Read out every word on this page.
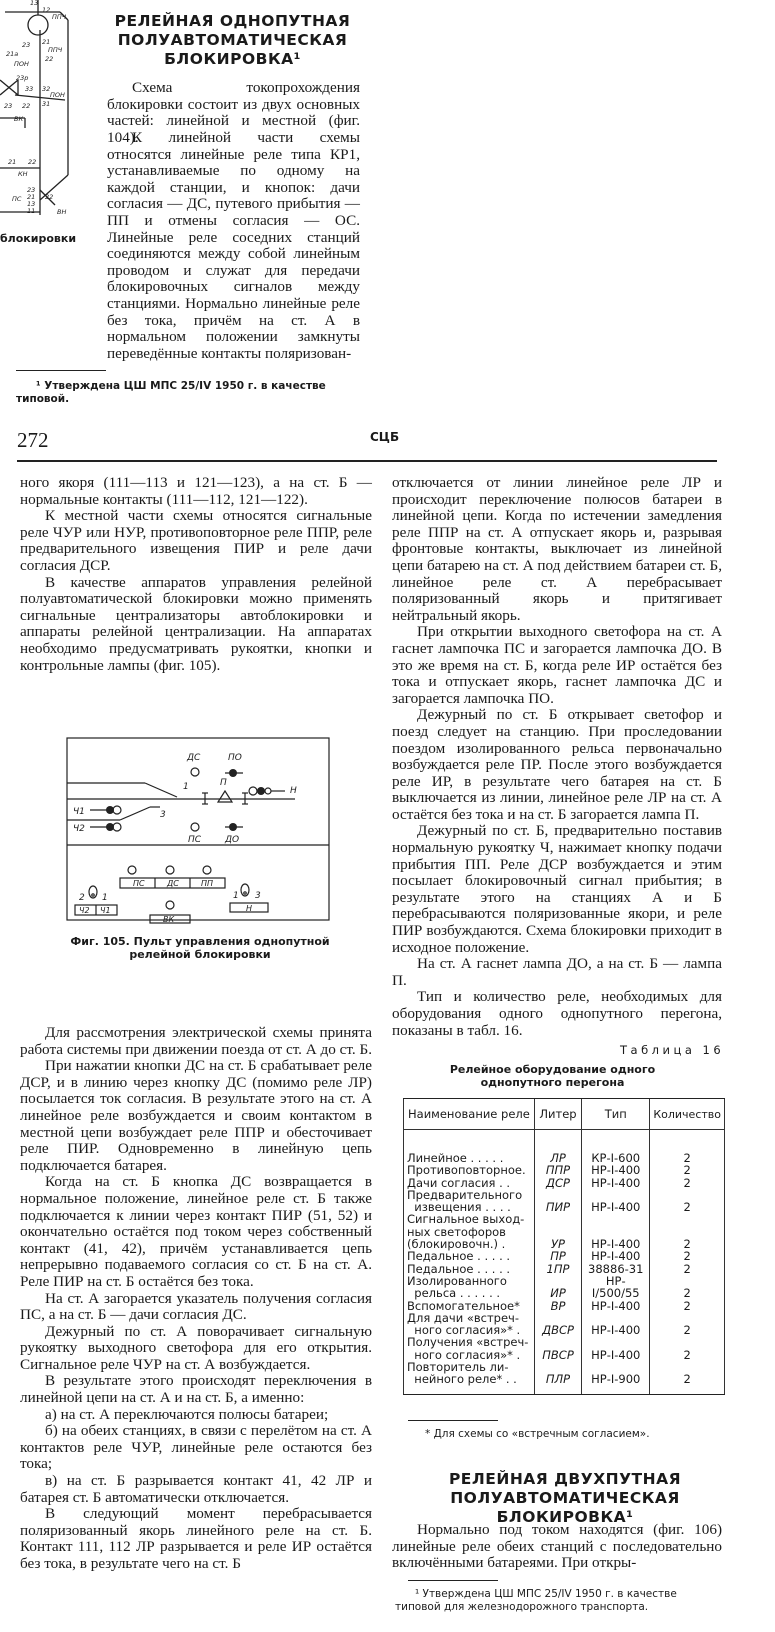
13
12
ППЧ
23 21
ППЧ
22
21а
ПОН
23р
33 32
ПОН
31
23 22
ВК
21 22
КН
23
ПС 21 22
13
11	ВН
блокировки

РЕЛЕЙНАЯ ОДНОПУТНАЯ

ПОЛУАВТОМАТИЧЕСКАЯ

БЛОКИРОВКА¹

Схема токопрохождения блокировки состоит из двух основных частей: линейной и местной (фиг. 104).

К линейной части схемы относятся линейные реле типа КР1, устанавливаемые по одному на каждой станции, и кнопок: дачи согласия — ДС, путевого прибытия — ПП и отмены согласия — ОС. Линейные реле соседних станций соединяются между собой линейным проводом и служат для передачи блокировочных сигналов между станциями. Нормально линейные реле без тока, причём на ст. А в нормальном положении замкнуты переведённые контакты поляризован-

¹ Утверждена ЦШ МПС 25/IV 1950 г. в качестве типовой.

272	СЦБ

ного якоря (111—113 и 121—123), а на ст. Б — нормальные контакты (111—112, 121—122).

К местной части схемы относятся сигнальные реле ЧУР или НУР, противоповторное реле ППР, реле предварительного извещения ПИР и реле дачи согласия ДСР.

В качестве аппаратов управления релейной полуавтоматической блокировки можно применять сигнальные централизаторы автоблокировки и аппараты релейной централизации. На аппаратах необходимо предусматривать рукоятки, кнопки и контрольные лампы (фиг. 105).

ДС	ПО
1	П
Н
Ч1	3
Ч2
ПС	ДО
ПС	ДС	ПП
2 1	1 3
Ч2 Ч1	Н
ВК
Фиг. 105. Пульт управления однопутной релейной блокировки

Для рассмотрения электрической схемы принята работа системы при движении поезда от ст. А до ст. Б.

При нажатии кнопки ДС на ст. Б срабатывает реле ДСР, и в линию через кнопку ДС (помимо реле ЛР) посылается ток согласия. В результате этого на ст. А линейное реле возбуждается и своим контактом в местной цепи возбуждает реле ППР и обесточивает реле ПИР. Одновременно в линейную цепь подключается батарея.

Когда на ст. Б кнопка ДС возвращается в нормальное положение, линейное реле ст. Б также подключается к линии через контакт ПИР (51, 52) и окончательно остаётся под током через собственный контакт (41, 42), причём устанавливается цепь непрерывно подаваемого согласия со ст. Б на ст. А. Реле ПИР на ст. Б остаётся без тока.

На ст. А загорается указатель получения согласия ПС, а на ст. Б — дачи согласия ДС.

Дежурный по ст. А поворачивает сигнальную рукоятку выходного светофора для его открытия. Сигнальное реле ЧУР на ст. А возбуждается.

В результате этого происходят переключения в линейной цепи на ст. А и на ст. Б, а именно:

а) на ст. А переключаются полюсы батареи;

б) на обеих станциях, в связи с перелётом на ст. А контактов реле ЧУР, линейные реле остаются без тока;

в) на ст. Б разрывается контакт 41, 42 ЛР и батарея ст. Б автоматически отключается.

В следующий момент перебрасывается поляризованный якорь линейного реле на ст. Б. Контакт 111, 112 ЛР разрывается и реле ИР остаётся без тока, в результате чего на ст. Б

отключается от линии линейное реле ЛР и происходит переключение полюсов батареи в линейной цепи. Когда по истечении замедления реле ППР на ст. А отпускает якорь и, разрывая фронтовые контакты, выключает из линейной цепи батарею на ст. А под действием батареи ст. Б, линейное реле ст. А перебрасывает поляризованный якорь и притягивает нейтральный якорь.

При открытии выходного светофора на ст. А гаснет лампочка ПС и загорается лампочка ДО. В это же время на ст. Б, когда реле ИР остаётся без тока и отпускает якорь, гаснет лампочка ДС и загорается лампочка ПО.

Дежурный по ст. Б открывает светофор и поезд следует на станцию. При проследовании поездом изолированного рельса первоначально возбуждается реле ПР. После этого возбуждается реле ИР, в результате чего батарея на ст. Б выключается из линии, линейное реле ЛР на ст. А остаётся без тока и на ст. Б загорается лампа П.

Дежурный по ст. Б, предварительно поставив нормальную рукоятку Ч, нажимает кнопку подачи прибытия ПП. Реле ДСР возбуждается и этим посылает блокировочный сигнал прибытия; в результате этого на станциях А и Б перебрасываются поляризованные якори, и реле ПИР возбуждаются. Схема блокировки приходит в исходное положение.

На ст. А гаснет лампа ДО, а на ст. Б — лампа П.

Тип и количество реле, необходимых для оборудования одного однопутного перегона, показаны в табл. 16.

Таблица 16
Релейное оборудование одного однопутного перегона
Наименование реле	Литер	Тип	Количество

Линейное . . . . .	ЛР	КР-I-600	2

Противоповторное.	ППР	НР-I-400	2

Дачи согласия . .	ДСР	НР-I-400	2

Предварительного
извещения . . . .	ПИР	НР-I-400	2

Сигнальное выход-
ных светофоров
(блокировочн.) .	УР	НР-I-400	2

Педальное . . . . .	ПР	НР-I-400	2

Педальное . . . . .	1ПР	38886-31	2

Изолированного
рельса . . . . . .	ИР	НР-I/500/55	2

Вспомогательное*	ВР	НР-I-400	2

Для дачи «встреч-
ного согласия»* .	ДВСР	НР-I-400	2

Получения «встреч-
ного согласия»* .	ПВСР	НР-I-400	2

Повторитель ли-
нейного реле* . .	ПЛР	НР-I-900	2

* Для схемы со «встречным согласием».

РЕЛЕЙНАЯ ДВУХПУТНАЯ

ПОЛУАВТОМАТИЧЕСКАЯ БЛОКИРОВКА¹

Нормально под током находятся (фиг. 106) линейные реле обеих станций с последовательно включёнными батареями. При откры-

¹ Утверждена ЦШ МПС 25/IV 1950 г. в качестве типовой для железнодорожного транспорта.
